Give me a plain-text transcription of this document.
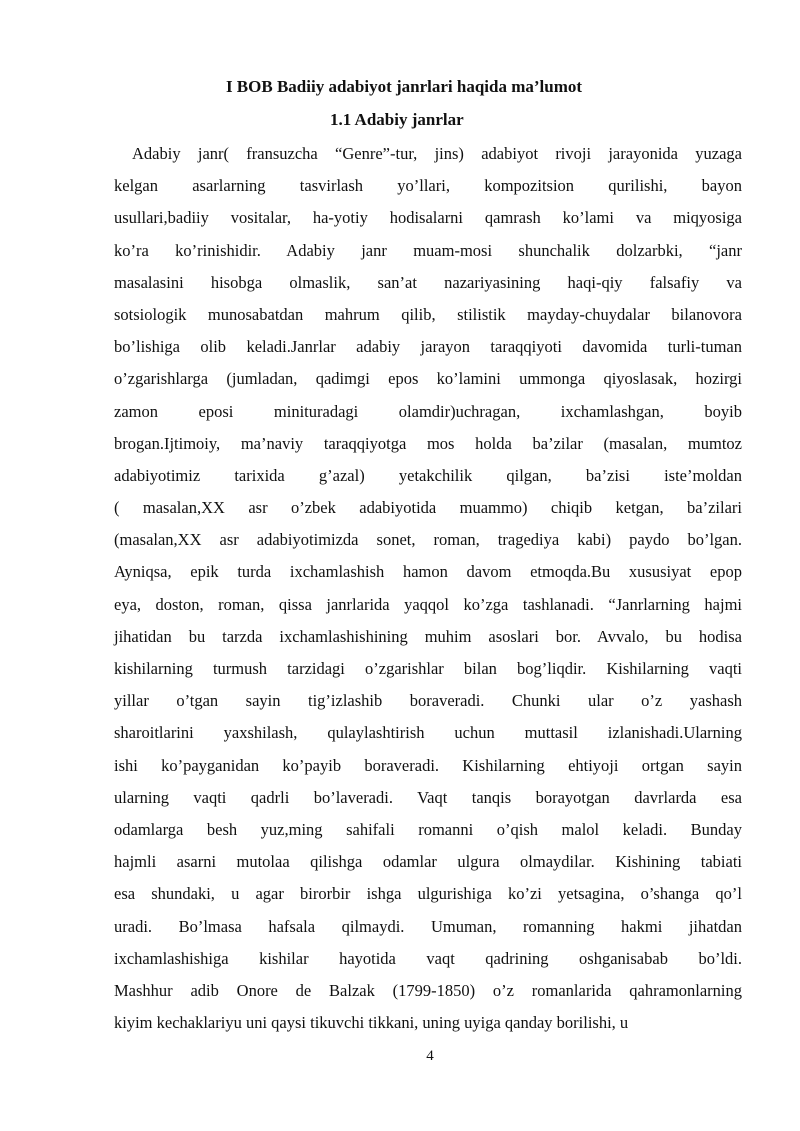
I BOB Badiiy adabiyot janrlari haqida ma’lumot
1.1 Adabiy janrlar
Adabiy janr( fransuzcha “Genre”-tur, jins) adabiyot rivoji jarayonida yuzaga
kelgan asarlarning tasvirlash yo’llari, kompozitsion qurilishi, bayon
usullari,badiiy vositalar, ha-yotiy hodisalarni qamrash ko’lami va miqyosiga
ko’ra ko’rinishidir. Adabiy janr muam-mosi shunchalik dolzarbki, “janr
masalasini hisobga olmaslik, san’at nazariyasining haqi-qiy falsafiy va
sotsiologik munosabatdan mahrum qilib, stilistik mayday-chuydalar bilanovora
bo’lishiga olib keladi.Janrlar adabiy jarayon taraqqiyoti davomida turli-tuman
o’zgarishlarga (jumladan, qadimgi epos ko’lamini ummonga qiyoslasak, hozirgi
zamon eposi minituradagi olamdir)uchragan, ixchamlashgan, boyib
brogan.Ijtimoiy, ma’naviy taraqqiyotga mos holda ba’zilar (masalan, mumtoz
adabiyotimiz tarixida g’azal) yetakchilik qilgan, ba’zisi iste’moldan
( masalan,XX asr o’zbek adabiyotida muammo) chiqib ketgan, ba’zilari
(masalan,XX asr adabiyotimizda sonet, roman, tragediya kabi) paydo bo’lgan.
Ayniqsa, epik turda ixchamlashish hamon davom etmoqda.Bu xususiyat epop
eya, doston, roman, qissa janrlarida yaqqol ko’zga tashlanadi. “Janrlarning hajmi
jihatidan bu tarzda ixchamlashishining muhim asoslari bor. Avvalo, bu hodisa
kishilarning turmush tarzidagi o’zgarishlar bilan bog’liqdir. Kishilarning vaqti
yillar o’tgan sayin tig’izlashib boraveradi. Chunki ular o’z yashash
sharoitlarini yaxshilash, qulaylashtirish uchun muttasil izlanishadi.Ularning
ishi ko’payganidan ko’payib boraveradi. Kishilarning ehtiyoji ortgan sayin
ularning vaqti qadrli bo’laveradi. Vaqt tanqis borayotgan davrlarda esa
odamlarga besh yuz,ming sahifali romanni o’qish malol keladi. Bunday
hajmli asarni mutolaa qilishga odamlar ulgura olmaydilar. Kishining tabiati
esa shundaki, u agar birorbir ishga ulgurishiga ko’zi yetsagina, o’shanga qo’l
uradi. Bo’lmasa hafsala qilmaydi. Umuman, romanning hakmi jihatdan
ixchamlashishiga kishilar hayotida vaqt qadrining oshganisabab bo’ldi.
Mashhur adib Onore de Balzak (1799-1850) o’z romanlarida qahramonlarning
kiyim kechaklariyu uni qaysi tikuvchi tikkani, uning uyiga qanday borilishi, u
4
